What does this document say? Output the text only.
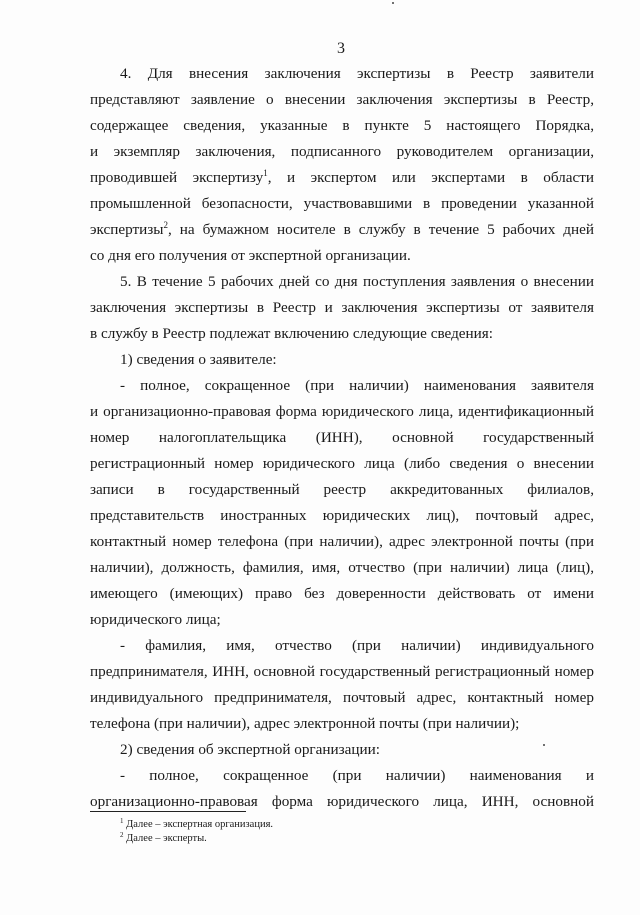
3
4. Для внесения заключения экспертизы в Реестр заявители
представляют заявление о внесении заключения экспертизы в Реестр,
содержащее сведения, указанные в пункте 5 настоящего Порядка,
и экземпляр заключения, подписанного руководителем организации,
проводившей экспертизу$^1$, и экспертом или экспертами в области
промышленной безопасности, участвовавшими в проведении указанной
экспертизы$^2$, на бумажном носителе в службу в течение 5 рабочих дней
со дня его получения от экспертной организации.
5. В течение 5 рабочих дней со дня поступления заявления о внесении
заключения экспертизы в Реестр и заключения экспертизы от заявителя
в службу в Реестр подлежат включению следующие сведения:
1) сведения о заявителе:
- полное, сокращенное (при наличии) наименования заявителя
и организационно-правовая форма юридического лица, идентификационный
номер налогоплательщика (ИНН), основной государственный
регистрационный номер юридического лица (либо сведения о внесении
записи в государственный реестр аккредитованных филиалов,
представительств иностранных юридических лиц), почтовый адрес,
контактный номер телефона (при наличии), адрес электронной почты (при
наличии), должность, фамилия, имя, отчество (при наличии) лица (лиц),
имеющего (имеющих) право без доверенности действовать от имени
юридического лица;
- фамилия, имя, отчество (при наличии) индивидуального
предпринимателя, ИНН, основной государственный регистрационный номер
индивидуального предпринимателя, почтовый адрес, контактный номер
телефона (при наличии), адрес электронной почты (при наличии);
2) сведения об экспертной организации:
- полное, сокращенное (при наличии) наименования и
организационно-правовая форма юридического лица, ИНН, основной
$^1$ Далее – экспертная организация.
$^2$ Далее – эксперты.
